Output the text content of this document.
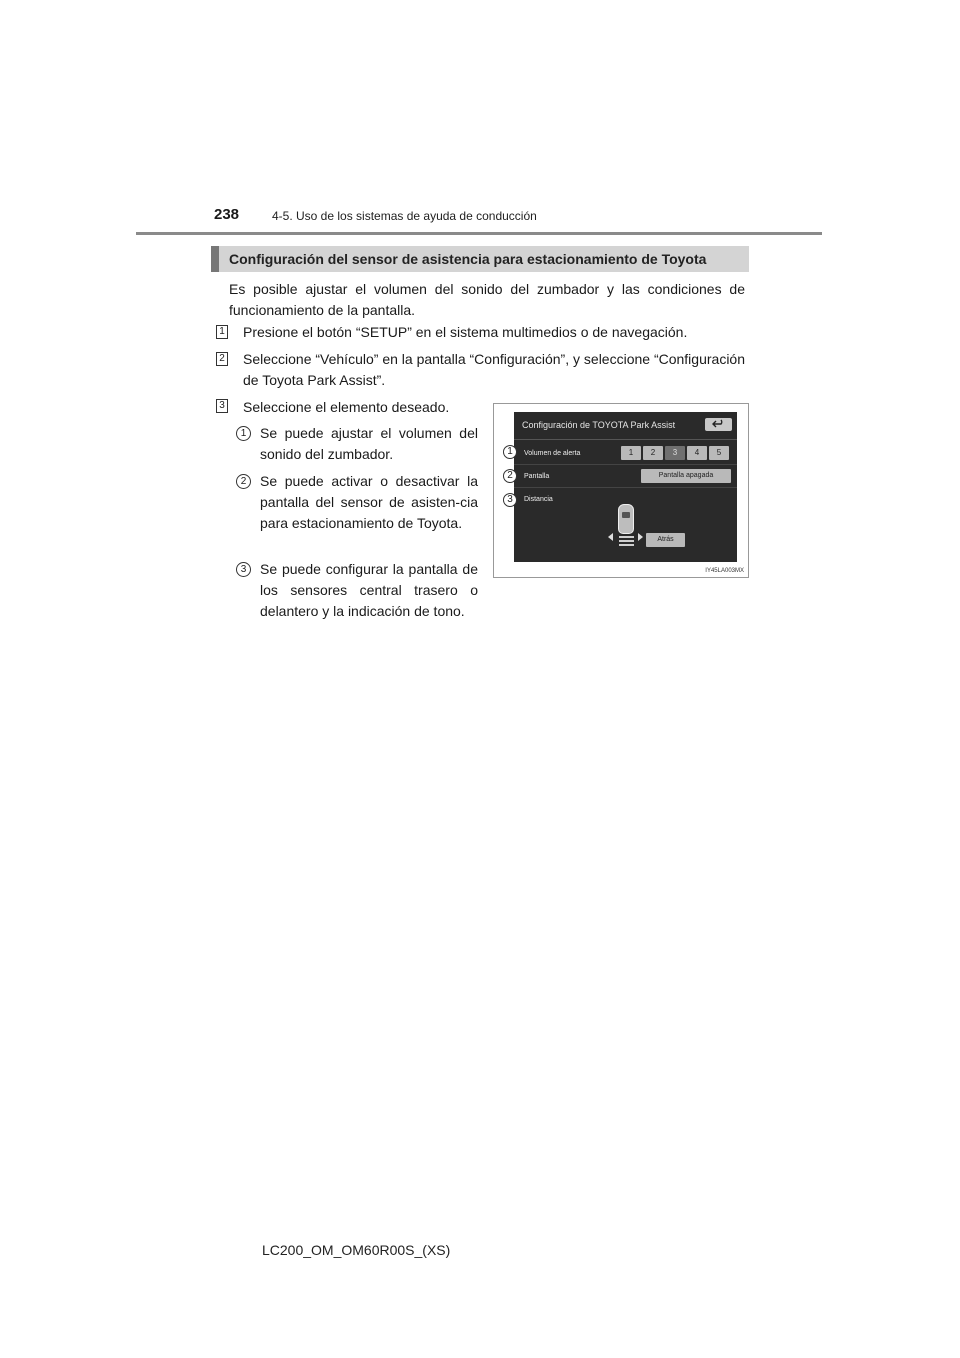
238	4-5. Uso de los sistemas de ayuda de conducción
Configuración del sensor de asistencia para estacionamiento de Toyota

Es posible ajustar el volumen del sonido del zumbador y las condiciones de funcionamiento de la pantalla.

1 Presione el botón “SETUP” en el sistema multimedios o de navegación.

2 Seleccione “Vehículo” en la pantalla “Configuración”, y seleccione “Configuración de Toyota Park Assist”.

3 Seleccione el elemento deseado.

1 Se puede ajustar el volumen del sonido del zumbador.

2 Se puede activar o desactivar la pantalla del sensor de asisten-cia para estacionamiento de Toyota.

3 Se puede configurar la pantalla de los sensores central trasero o delantero y la indicación de tono.

Configuración de TOYOTA Park Assist
Volumen de alerta
Pantalla
Distancia
1	2	3	4	5
Pantalla apagada
Atrás
1
2
3
IY45LA003MX
LC200_OM_OM60R00S_(XS)
